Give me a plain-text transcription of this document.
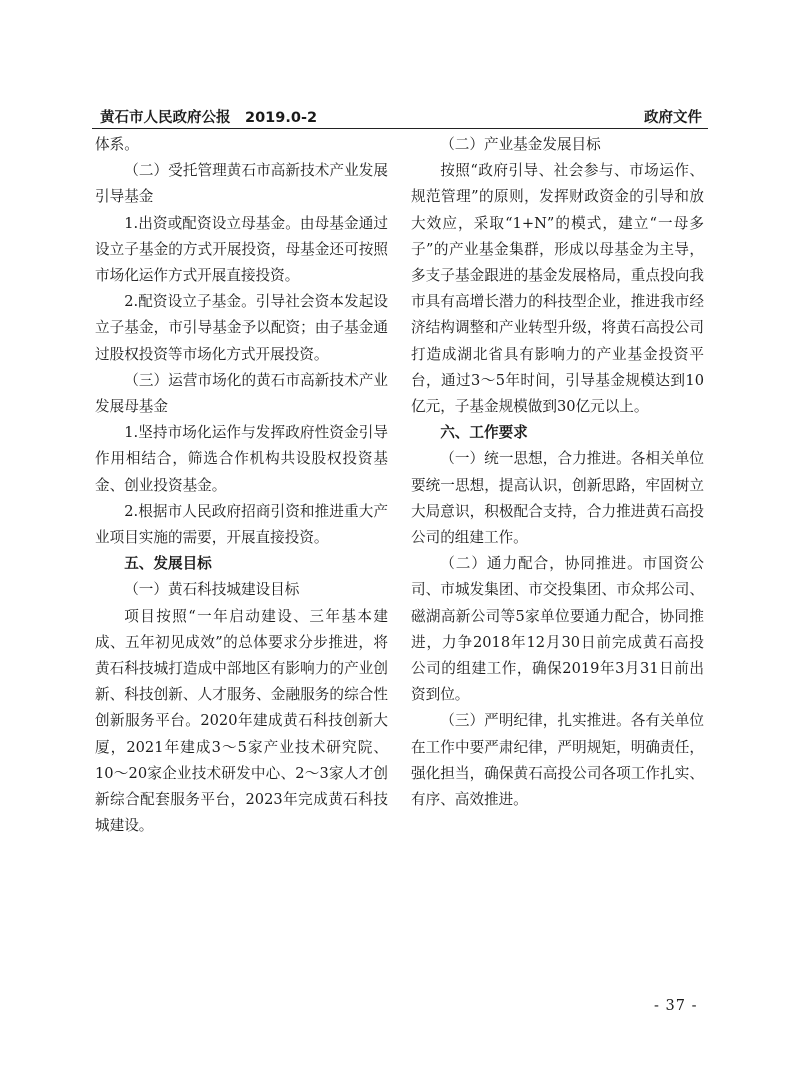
黄石市人民政府公报　2019.0-2	政府文件

体系。

（二）受托管理黄石市高新技术产业发展引导基金

1.出资或配资设立母基金。由母基金通过设立子基金的方式开展投资，母基金还可按照市场化运作方式开展直接投资。

2.配资设立子基金。引导社会资本发起设立子基金，市引导基金予以配资；由子基金通过股权投资等市场化方式开展投资。

（三）运营市场化的黄石市高新技术产业发展母基金

1.坚持市场化运作与发挥政府性资金引导作用相结合，筛选合作机构共设股权投资基金、创业投资基金。

2.根据市人民政府招商引资和推进重大产业项目实施的需要，开展直接投资。

五、发展目标

（一）黄石科技城建设目标

项目按照“一年启动建设、三年基本建成、五年初见成效”的总体要求分步推进，将黄石科技城打造成中部地区有影响力的产业创新、科技创新、人才服务、金融服务的综合性创新服务平台。2020年建成黄石科技创新大厦，2021年建成3～5家产业技术研究院、10～20家企业技术研发中心、2～3家人才创新综合配套服务平台，2023年完成黄石科技城建设。

（二）产业基金发展目标

按照“政府引导、社会参与、市场运作、规范管理”的原则，发挥财政资金的引导和放大效应，采取“1+N”的模式，建立“一母多子”的产业基金集群，形成以母基金为主导，多支子基金跟进的基金发展格局，重点投向我市具有高增长潜力的科技型企业，推进我市经济结构调整和产业转型升级，将黄石高投公司打造成湖北省具有影响力的产业基金投资平台，通过3～5年时间，引导基金规模达到10亿元，子基金规模做到30亿元以上。

六、工作要求

（一）统一思想，合力推进。各相关单位要统一思想，提高认识，创新思路，牢固树立大局意识，积极配合支持，合力推进黄石高投公司的组建工作。

（二）通力配合，协同推进。市国资公司、市城发集团、市交投集团、市众邦公司、磁湖高新公司等5家单位要通力配合，协同推进，力争2018年12月30日前完成黄石高投公司的组建工作，确保2019年3月31日前出资到位。

（三）严明纪律，扎实推进。各有关单位在工作中要严肃纪律，严明规矩，明确责任，强化担当，确保黄石高投公司各项工作扎实、有序、高效推进。

- 37 -
